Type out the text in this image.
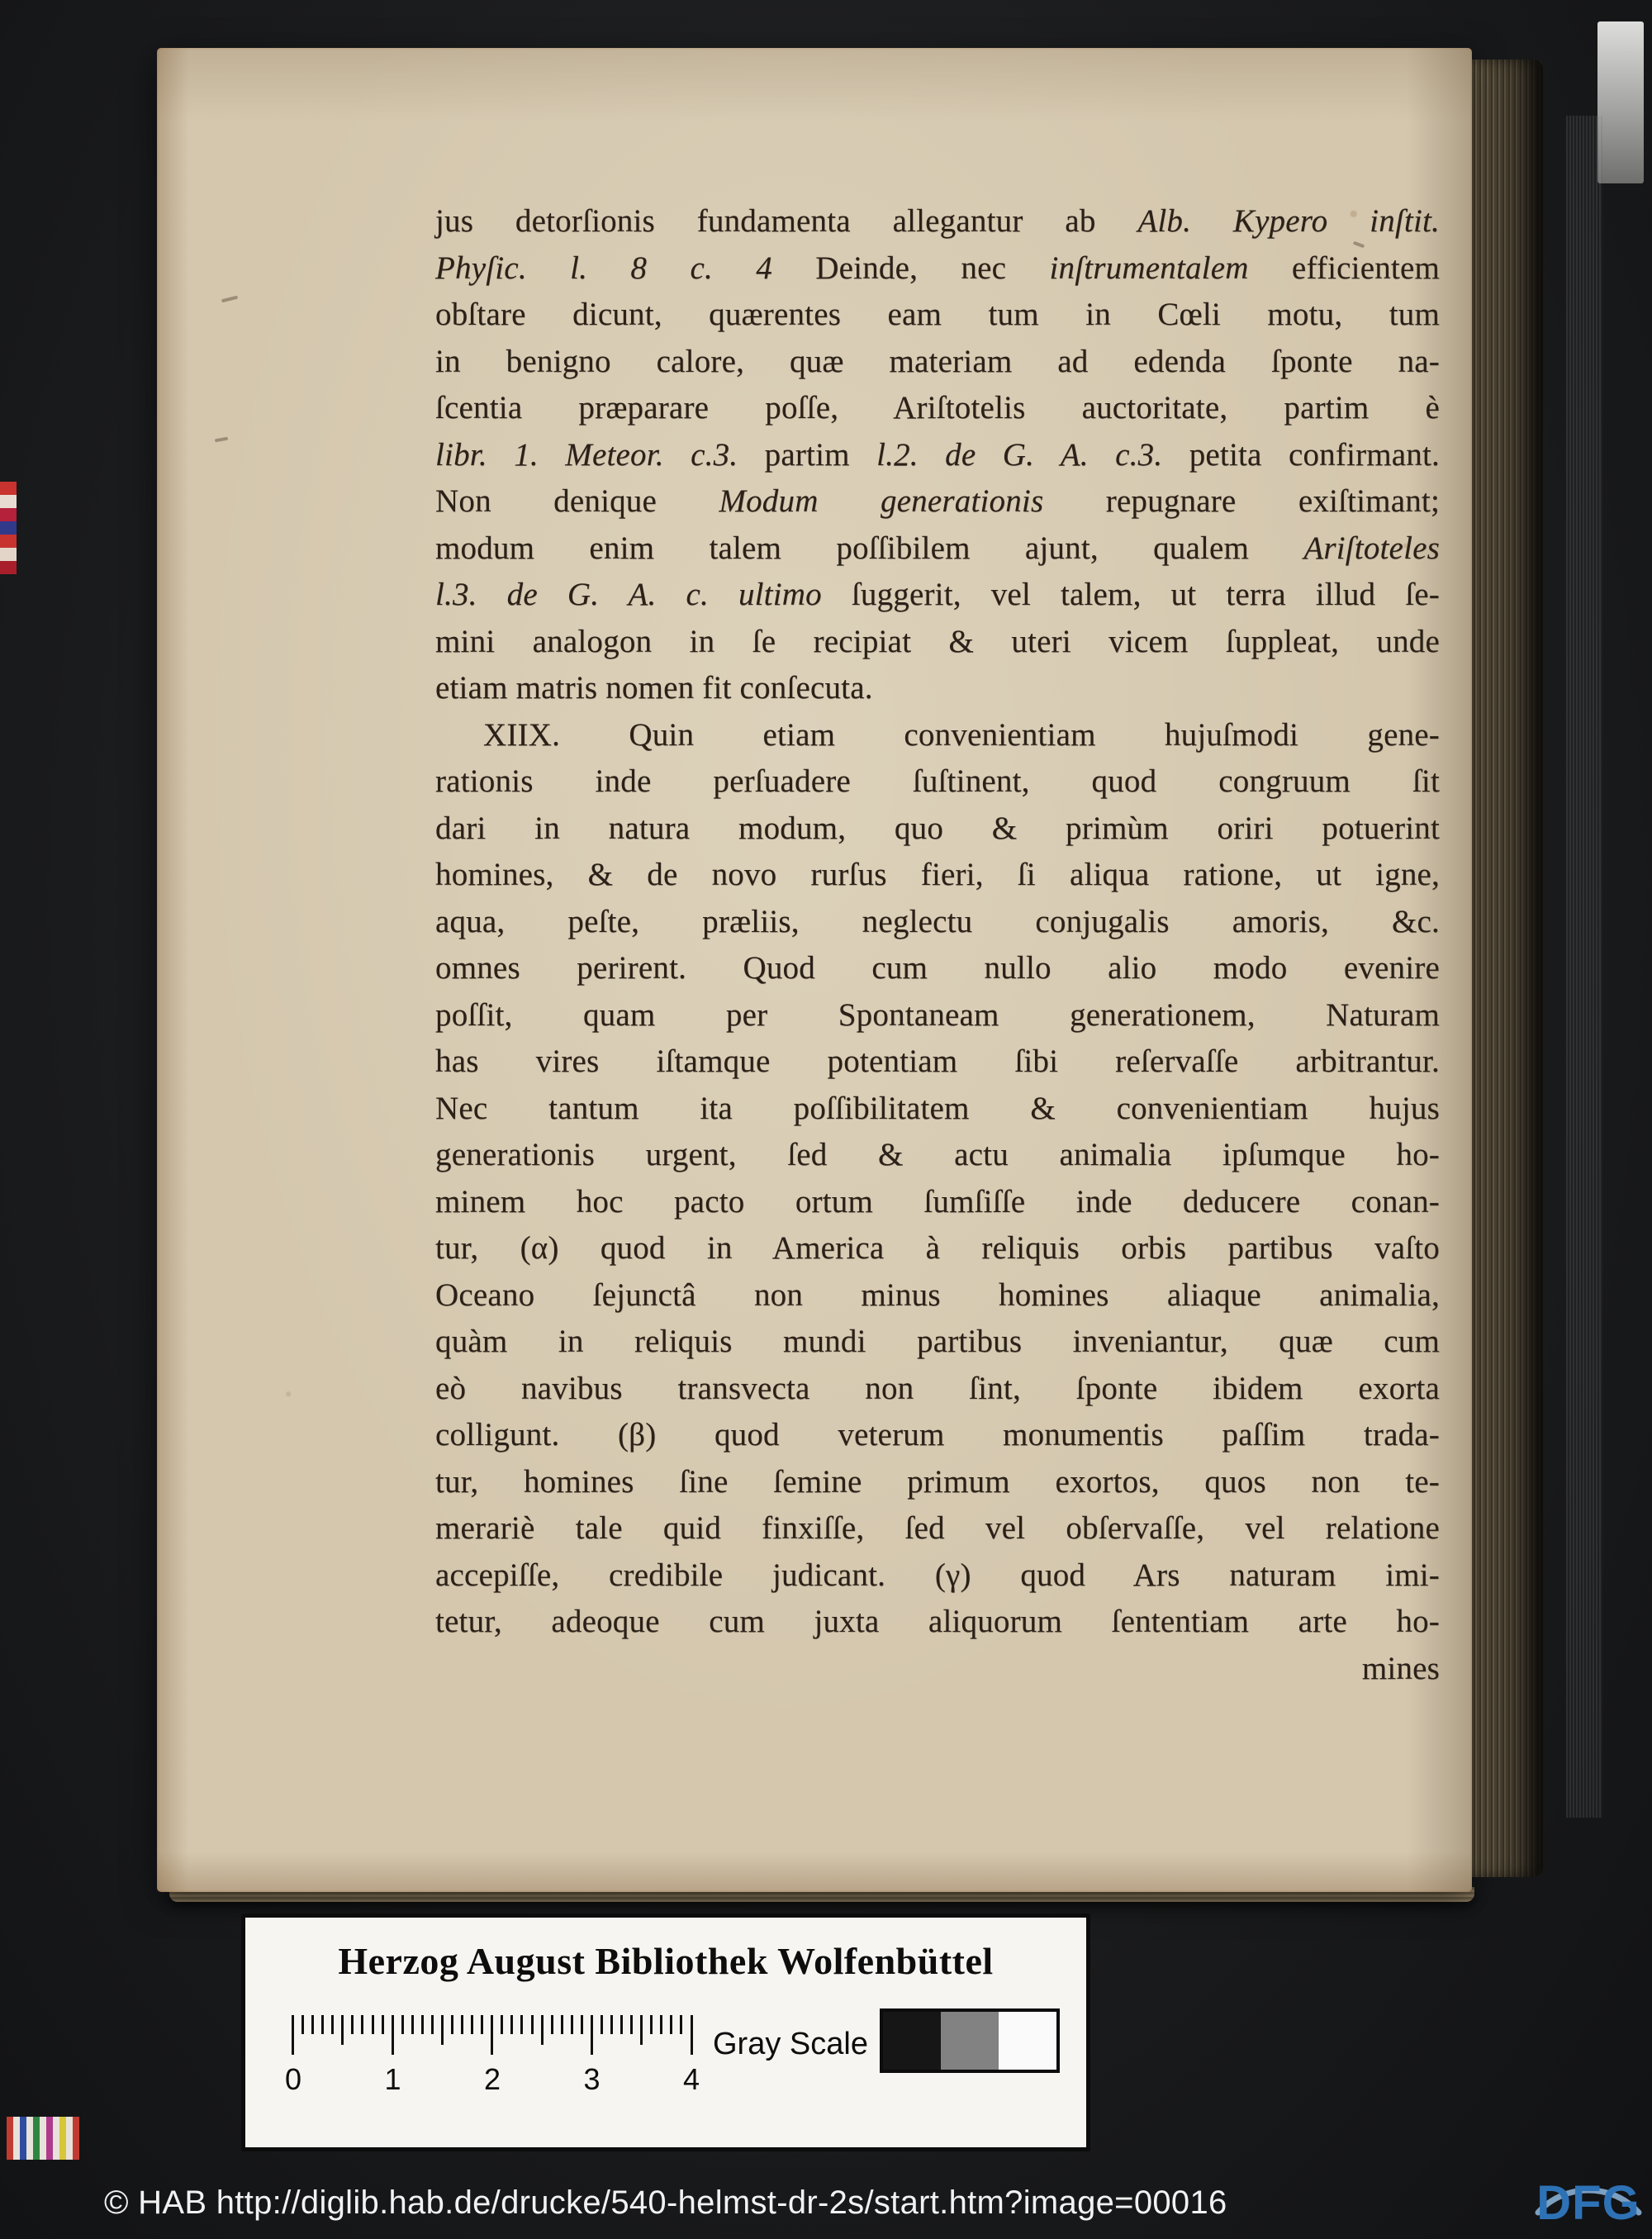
jus detorſionis fundamenta allegantur ab Alb. Kypero inſtit.
Phyſic. l. 8 c. 4 Deinde, nec inſtrumentalem efficientem
obſtare dicunt, quærentes eam tum in Cœli motu, tum
in benigno calore, quæ materiam ad edenda ſponte na-
ſcentia præparare poſſe, Ariſtotelis auctoritate, partim è
libr. 1. Meteor. c.3. partim l.2. de G. A. c.3. petita confirmant.
Non denique Modum generationis repugnare exiſtimant;
modum enim talem poſſibilem ajunt, qualem Ariſtoteles
l.3. de G. A. c. ultimo ſuggerit, vel talem, ut terra illud ſe-
mini analogon in ſe recipiat & uteri vicem ſuppleat, unde
etiam matris nomen fit conſecuta.
XIIX. Quin etiam convenientiam hujuſmodi gene-
rationis inde perſuadere ſuſtinent, quod congruum ſit
dari in natura modum, quo & primùm oriri potuerint
homines, & de novo rurſus fieri, ſi aliqua ratione, ut igne,
aqua, peſte, præliis, neglectu conjugalis amoris, &c.
omnes perirent. Quod cum nullo alio modo evenire
poſſit, quam per Spontaneam generationem, Naturam
has vires iſtamque potentiam ſibi reſervaſſe arbitrantur.
Nec tantum ita poſſibilitatem & convenientiam hujus
generationis urgent, ſed & actu animalia ipſumque ho-
minem hoc pacto ortum ſumſiſſe inde deducere conan-
tur, (α) quod in America à reliquis orbis partibus vaſto
Oceano ſejunctâ non minus homines aliaque animalia,
quàm in reliquis mundi partibus inveniantur, quæ cum
eò navibus transvecta non ſint, ſponte ibidem exorta
colligunt. (β) quod veterum monumentis paſſim trada-
tur, homines ſine ſemine primum exortos, quos non te-
merariè tale quid finxiſſe, ſed vel obſervaſſe, vel relatione
accepiſſe, credibile judicant. (γ) quod Ars naturam imi-
tetur, adeoque cum juxta aliquorum ſententiam arte ho-
mines
Herzog August Bibliothek Wolfenbüttel
0	1	2	3	4
Gray Scale
© HAB http://diglib.hab.de/drucke/540-helmst-dr-2s/start.htm?image=00016	DFG
